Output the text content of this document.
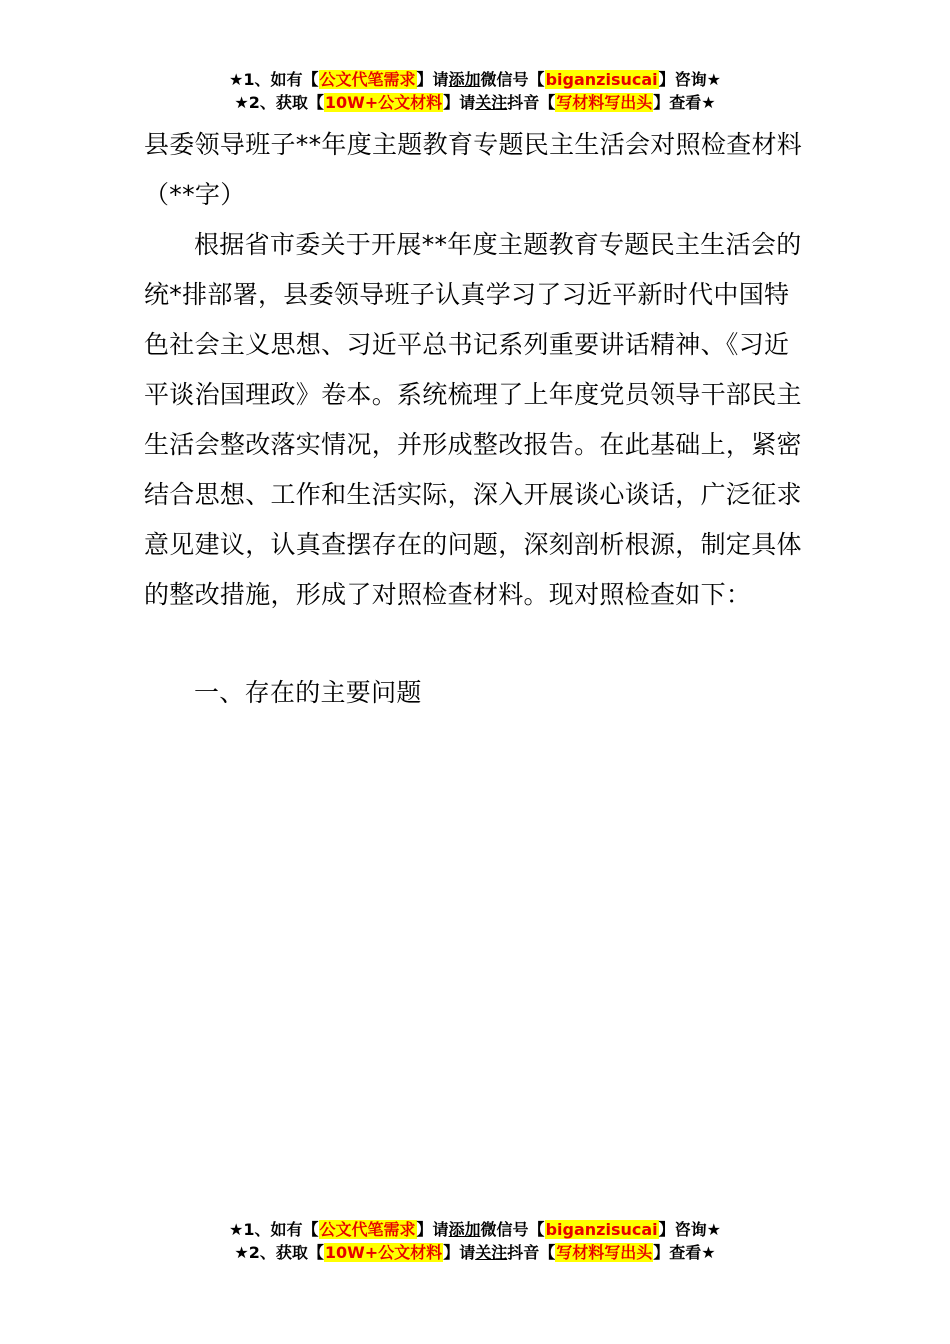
★1、如有【公文代笔需求】请添加微信号【biganzisucai】咨询★
★2、获取【10W+公文材料】请关注抖音【写材料写出头】查看★

县委领导班子**年度主题教育专题民主生活会对照检查材料（**字）

根据省市委关于开展**年度主题教育专题民主生活会的统*排部署，县委领导班子认真学习了习近平新时代中国特色社会主义思想、习近平总书记系列重要讲话精神、《习近平谈治国理政》卷本。系统梳理了上年度党员领导干部民主生活会整改落实情况，并形成整改报告。在此基础上，紧密结合思想、工作和生活实际，深入开展谈心谈话，广泛征求意见建议，认真查摆存在的问题，深刻剖析根源，制定具体的整改措施，形成了对照检查材料。现对照检查如下：

一、存在的主要问题

★1、如有【公文代笔需求】请添加微信号【biganzisucai】咨询★
★2、获取【10W+公文材料】请关注抖音【写材料写出头】查看★
